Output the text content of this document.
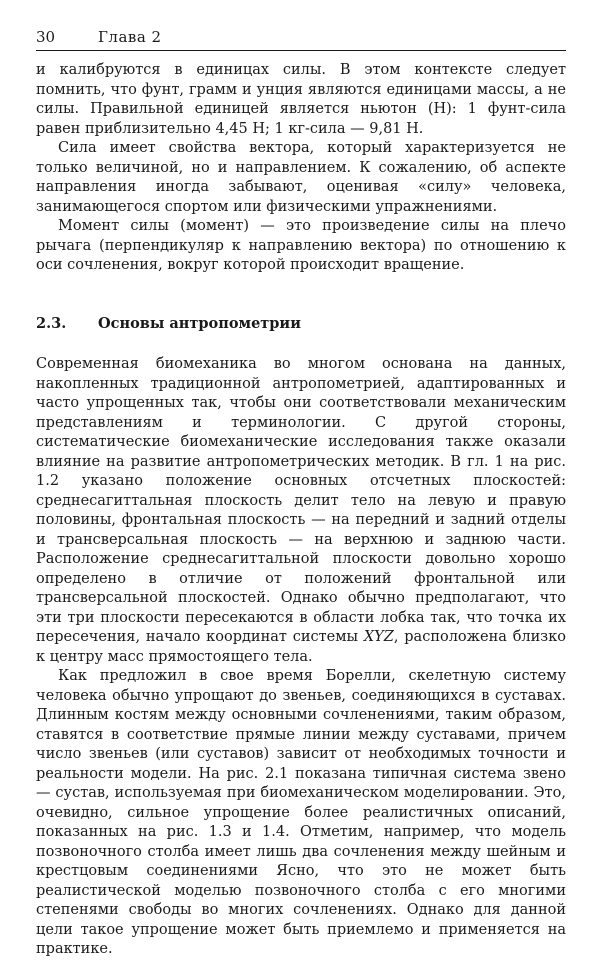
30	Глава 2

и калибруются в единицах силы. В этом контексте следует помнить, что фунт, грамм и унция являются единицами массы, а не силы. Правильной единицей является ньютон (Н): 1 фунт-сила равен приблизительно 4,45 Н; 1 кг-сила — 9,81 Н.

Сила имеет свойства вектора, который характеризуется не только величиной, но и направлением. К сожалению, об аспекте направления иногда забывают, оценивая «силу» человека, занимающегося спортом или физическими упражнениями.

Момент силы (момент) — это произведение силы на плечо рычага (перпендикуляр к направлению вектора) по отношению к оси сочленения, вокруг которой происходит вращение.

2.3.	Основы антропометрии

Современная биомеханика во многом основана на данных, накопленных традиционной антропометрией, адаптированных и часто упрощенных так, чтобы они соответствовали механическим представлениям и терминологии. С другой стороны, систематические биомеханические исследования также оказали влияние на развитие антропометрических методик. В гл. 1 на рис. 1.2 указано положение основных отсчетных плоскостей: среднесагиттальная плоскость делит тело на левую и правую половины, фронтальная плоскость — на передний и задний отделы и трансверсальная плоскость — на верхнюю и заднюю части. Расположение среднесагиттальной плоскости довольно хорошо определено в отличие от положений фронтальной или трансверсальной плоскостей. Однако обычно предполагают, что эти три плоскости пересекаются в области лобка так, что точка их пересечения, начало координат системы XYZ, расположена близко к центру масс прямостоящего тела.

Как предложил в свое время Борелли, скелетную систему человека обычно упрощают до звеньев, соединяющихся в суставах. Длинным костям между основными сочленениями, таким образом, ставятся в соответствие прямые линии между суставами, причем число звеньев (или суставов) зависит от необходимых точности и реальности модели. На рис. 2.1 показана типичная система звено — сустав, используемая при биомеханическом моделировании. Это, очевидно, сильное упрощение более реалистичных описаний, показанных на рис. 1.3 и 1.4. Отметим, например, что модель позвоночного столба имеет лишь два сочленения между шейным и крестцовым соединениями Ясно, что это не может быть реалистической моделью позвоночного столба с его многими степенями свободы во многих сочленениях. Однако для данной цели такое упрощение может быть приемлемо и применяется на практике.
